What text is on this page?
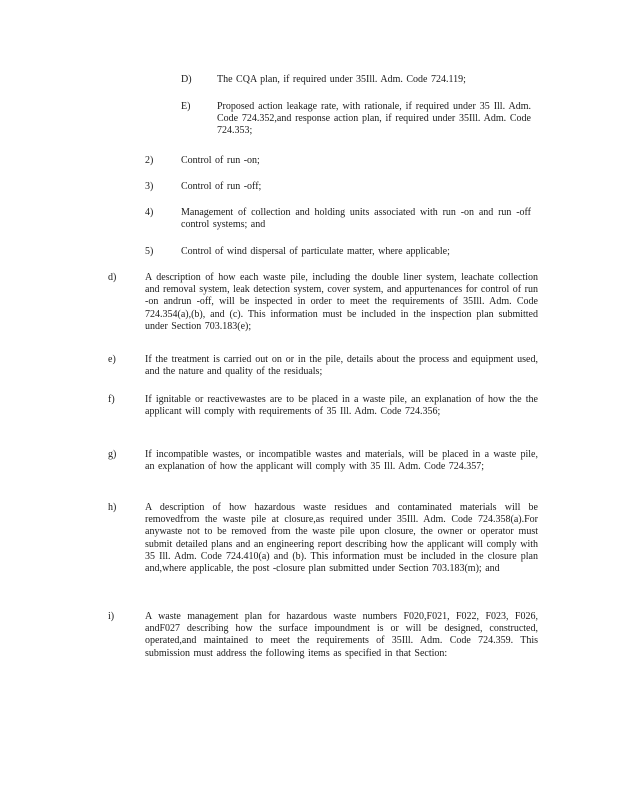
D)	The CQA plan, if required under 35Ill. Adm. Code 724.119;
E)	Proposed action leakage rate, with rationale, if required under 35 Ill. Adm. Code 724.352,and response action plan, if required under 35Ill. Adm. Code 724.353;
2)	Control of run -on;
3)	Control of run -off;
4)	Management of collection and holding units associated with run -on and run -off control systems; and
5)	Control of wind dispersal of particulate matter, where applicable;
d)	A description of how each waste pile, including the double liner system, leachate collection and removal system, leak detection system, cover system, and appurtenances for control of run -on andrun -off, will be inspected in order to meet the requirements of 35Ill. Adm. Code 724.354(a),(b), and (c). This information must be included in the inspection plan submitted under Section 703.183(e);
e)	If the treatment is carried out on or in the pile, details about the process and equipment used, and the nature and quality of the residuals;
f)	If ignitable or reactivewastes are to be placed in a waste pile, an explanation of how the the applicant will comply with requirements of 35 Ill. Adm. Code 724.356;
g)	If incompatible wastes, or incompatible wastes and materials, will be placed in a waste pile, an explanation of how the applicant will comply with 35 Ill. Adm. Code 724.357;
h)	A description of how hazardous waste residues and contaminated materials will be removedfrom the waste pile at closure,as required under 35Ill. Adm. Code 724.358(a).For anywaste not to be removed from the waste pile upon closure, the owner or operator must submit detailed plans and an engineering report describing how the applicant will comply with 35 Ill. Adm. Code 724.410(a) and (b). This information must be included in the closure plan and,where applicable, the post -closure plan submitted under Section 703.183(m); and
i)	A waste management plan for hazardous waste numbers F020,F021, F022, F023, F026, andF027 describing how the surface impoundment is or will be designed, constructed, operated,and maintained to meet the requirements of 35Ill. Adm. Code 724.359. This submission must address the following items as specified in that Section:
